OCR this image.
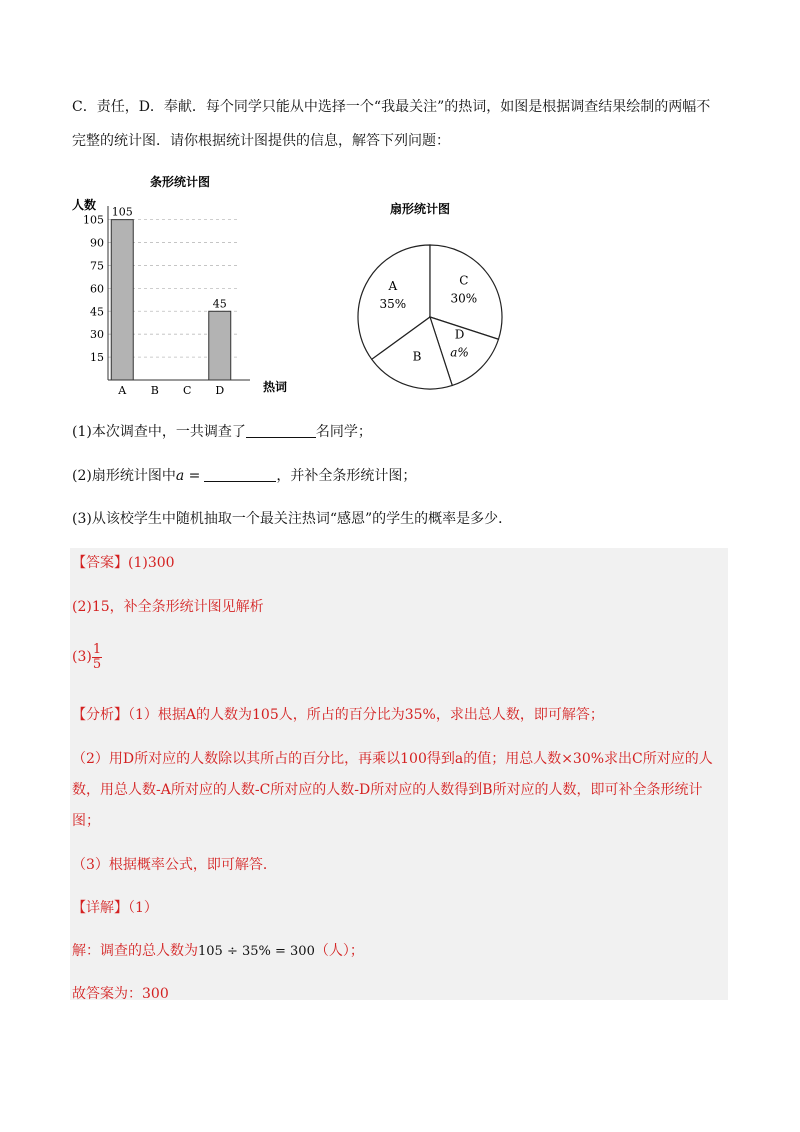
C．责任，D．奉献．每个同学只能从中选择一个“我最关注”的热词，如图是根据调查结果绘制的两幅不
完整的统计图．请你根据统计图提供的信息，解答下列问题：
条形统计图
人数
热词
105
90
75
60
45
30
15
A B C D
105
45
扇形统计图
A
35%
C
30%
D
a%
B
(1)本次调查中，一共调查了	名同学；
(2)扇形统计图中a =	，并补全条形统计图；
(3)从该校学生中随机抽取一个最关注热词“感恩”的学生的概率是多少．
【答案】(1)300
(2)15，补全条形统计图见解析
$(3) \frac{1}{5}$
【分析】（1）根据A的人数为105人，所占的百分比为35%，求出总人数，即可解答；
（2）用D所对应的人数除以其所占的百分比，再乘以100得到a的值；用总人数×30%求出C所对应的人
数，用总人数-A所对应的人数-C所对应的人数-D所对应的人数得到B所对应的人数，即可补全条形统计
图；
（3）根据概率公式，即可解答．
【详解】（1）
解：调查的总人数为105 ÷ 35% = 300（人）；
故答案为：300
